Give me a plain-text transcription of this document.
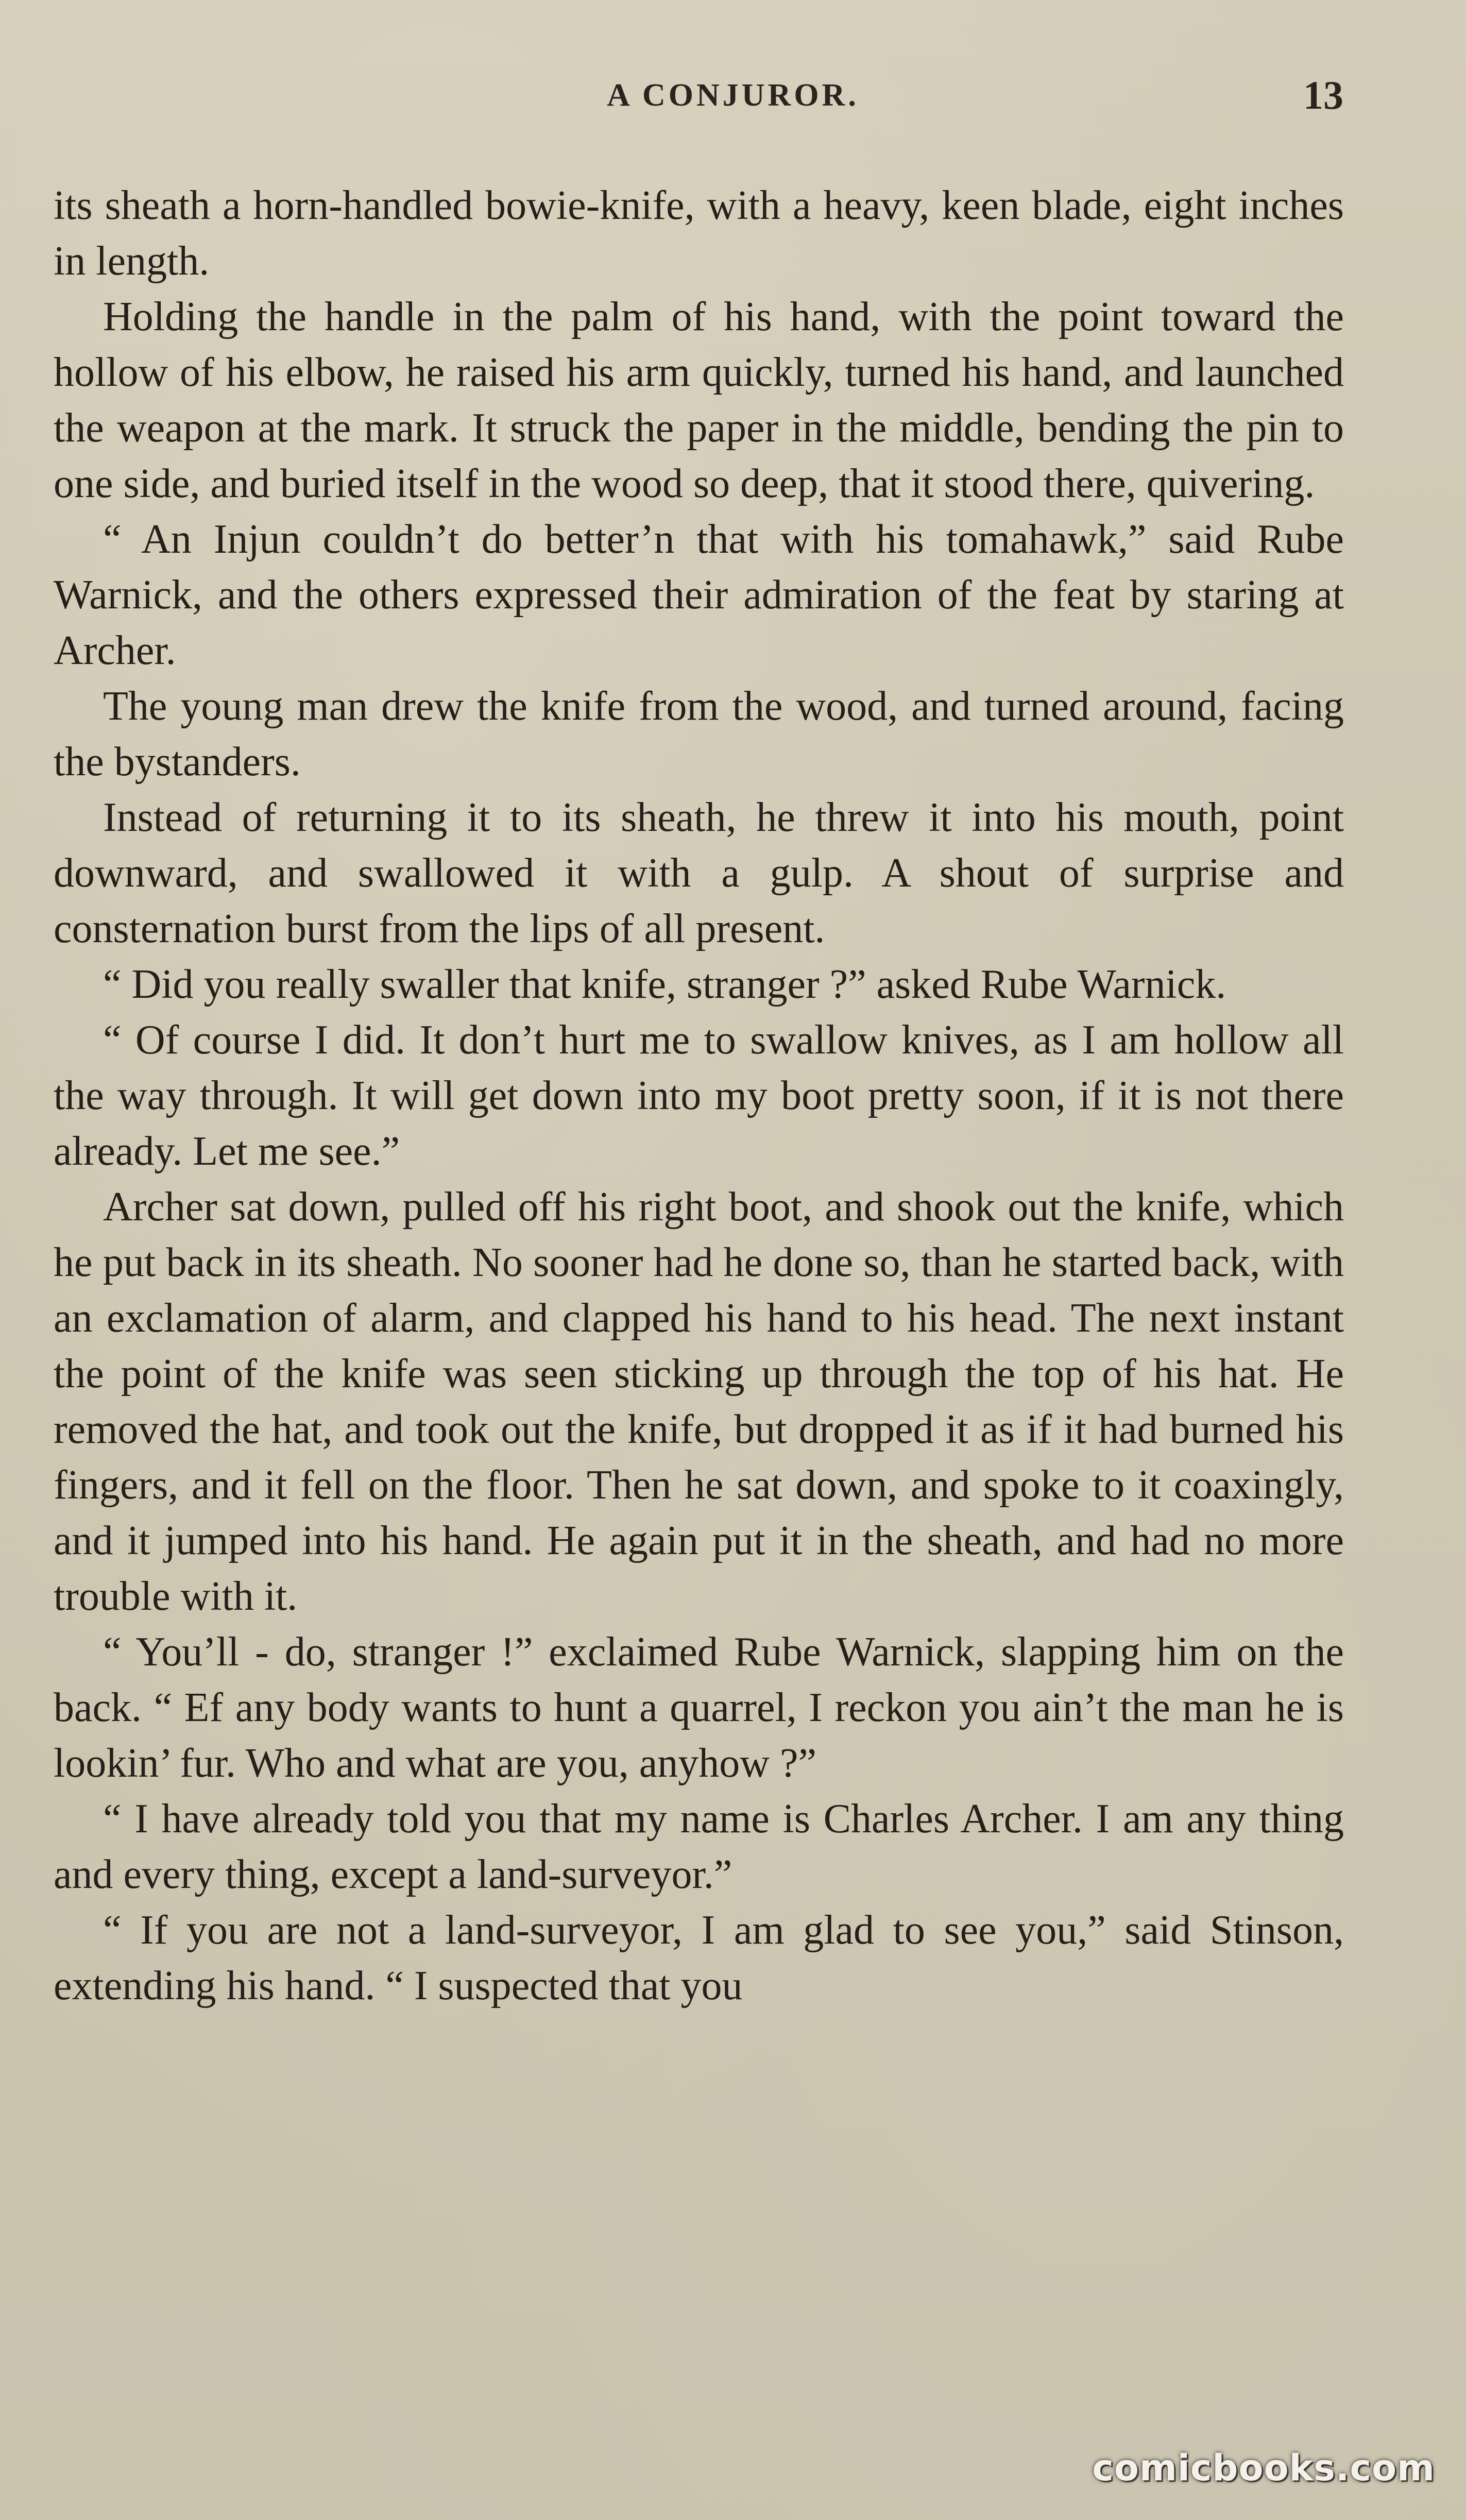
A CONJUROR.	13

its sheath a horn-handled bowie-knife, with a heavy, keen blade, eight inches in length.

Holding the handle in the palm of his hand, with the point toward the hollow of his elbow, he raised his arm quickly, turned his hand, and launched the weapon at the mark. It struck the paper in the middle, bending the pin to one side, and buried itself in the wood so deep, that it stood there, quivering.

“ An Injun couldn’t do better’n that with his tomahawk,” said Rube Warnick, and the others expressed their admiration of the feat by staring at Archer.

The young man drew the knife from the wood, and turned around, facing the bystanders.

Instead of returning it to its sheath, he threw it into his mouth, point downward, and swallowed it with a gulp. A shout of surprise and consternation burst from the lips of all present.

“ Did you really swaller that knife, stranger ?” asked Rube Warnick.

“ Of course I did. It don’t hurt me to swallow knives, as I am hollow all the way through. It will get down into my boot pretty soon, if it is not there already. Let me see.”

Archer sat down, pulled off his right boot, and shook out the knife, which he put back in its sheath. No sooner had he done so, than he started back, with an exclamation of alarm, and clapped his hand to his head. The next instant the point of the knife was seen sticking up through the top of his hat. He removed the hat, and took out the knife, but dropped it as if it had burned his fingers, and it fell on the floor. Then he sat down, and spoke to it coaxingly, and it jumped into his hand. He again put it in the sheath, and had no more trouble with it.

“ You’ll - do, stranger !” exclaimed Rube Warnick, slapping him on the back. “ Ef any body wants to hunt a quarrel, I reckon you ain’t the man he is lookin’ fur. Who and what are you, anyhow ?”

“ I have already told you that my name is Charles Archer. I am any thing and every thing, except a land-surveyor.”

“ If you are not a land-surveyor, I am glad to see you,” said Stinson, extending his hand. “ I suspected that you

comicbooks.com
